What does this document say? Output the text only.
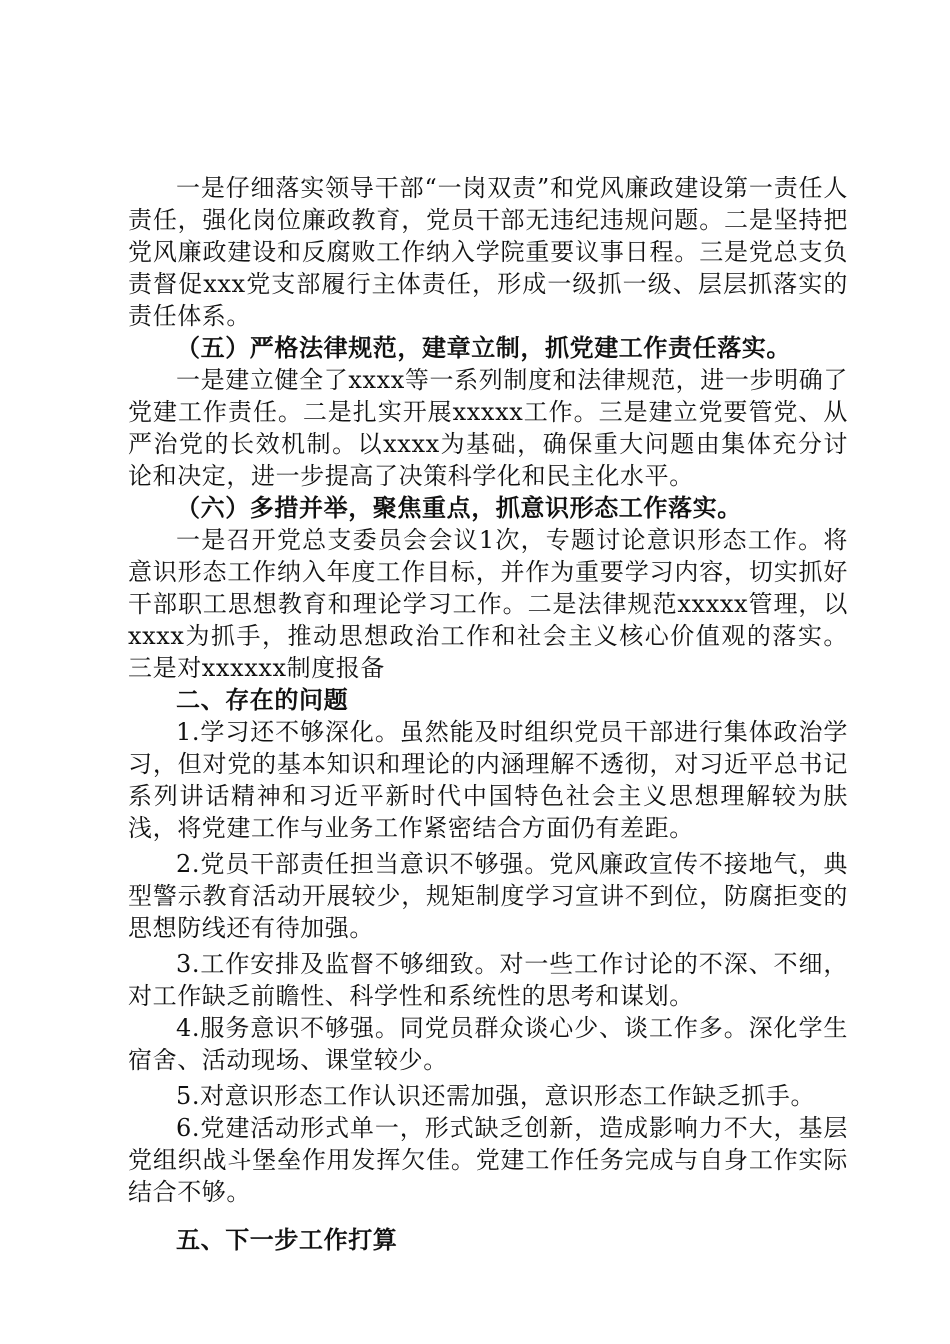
一是仔细落实领导干部“一岗双责”和党风廉政建设第一责任人责任，强化岗位廉政教育，党员干部无违纪违规问题。二是坚持把党风廉政建设和反腐败工作纳入学院重要议事日程。三是党总支负责督促xxx党支部履行主体责任，形成一级抓一级、层层抓落实的责任体系。

（五）严格法律规范，建章立制，抓党建工作责任落实。

一是建立健全了xxxx等一系列制度和法律规范，进一步明确了党建工作责任。二是扎实开展xxxxx工作。三是建立党要管党、从严治党的长效机制。以xxxx为基础，确保重大问题由集体充分讨论和决定，进一步提高了决策科学化和民主化水平。

（六）多措并举，聚焦重点，抓意识形态工作落实。

一是召开党总支委员会会议1次，专题讨论意识形态工作。将意识形态工作纳入年度工作目标，并作为重要学习内容，切实抓好干部职工思想教育和理论学习工作。二是法律规范xxxxx管理，以xxxx为抓手，推动思想政治工作和社会主义核心价值观的落实。三是对xxxxxx制度报备

二、存在的问题

1.学习还不够深化。虽然能及时组织党员干部进行集体政治学习，但对党的基本知识和理论的内涵理解不透彻，对习近平总书记系列讲话精神和习近平新时代中国特色社会主义思想理解较为肤浅，将党建工作与业务工作紧密结合方面仍有差距。

2.党员干部责任担当意识不够强。党风廉政宣传不接地气，典型警示教育活动开展较少，规矩制度学习宣讲不到位，防腐拒变的思想防线还有待加强。

3.工作安排及监督不够细致。对一些工作讨论的不深、不细，对工作缺乏前瞻性、科学性和系统性的思考和谋划。

4.服务意识不够强。同党员群众谈心少、谈工作多。深化学生宿舍、活动现场、课堂较少。

5.对意识形态工作认识还需加强，意识形态工作缺乏抓手。

6.党建活动形式单一，形式缺乏创新，造成影响力不大，基层党组织战斗堡垒作用发挥欠佳。党建工作任务完成与自身工作实际结合不够。

五、下一步工作打算
